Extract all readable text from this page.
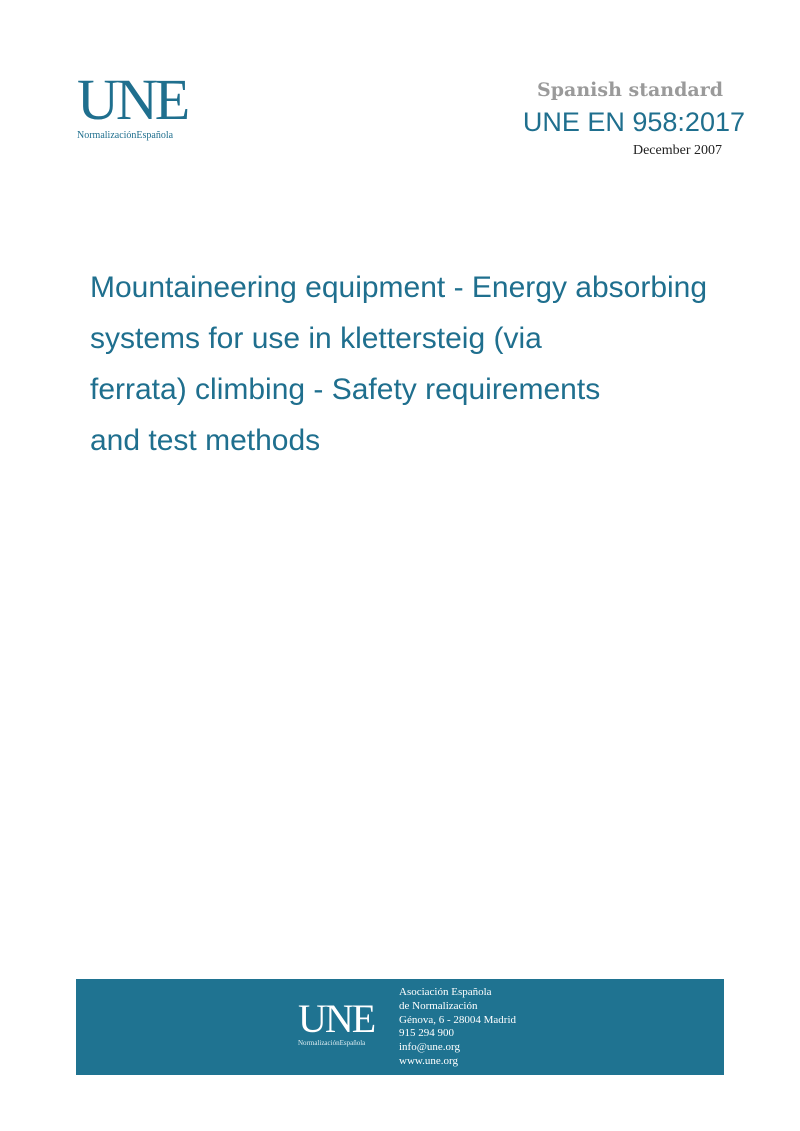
UNE
NormalizaciónEspañola
Spanish standard
UNE EN 958:2017
December 2007
Mountaineering equipment - Energy absorbing
systems for use in klettersteig (via
ferrata) climbing - Safety requirements
and test methods
UNE
NormalizaciónEspañola
Asociación Española
de Normalización
Génova, 6 - 28004 Madrid
915 294 900
info@une.org
www.une.org
